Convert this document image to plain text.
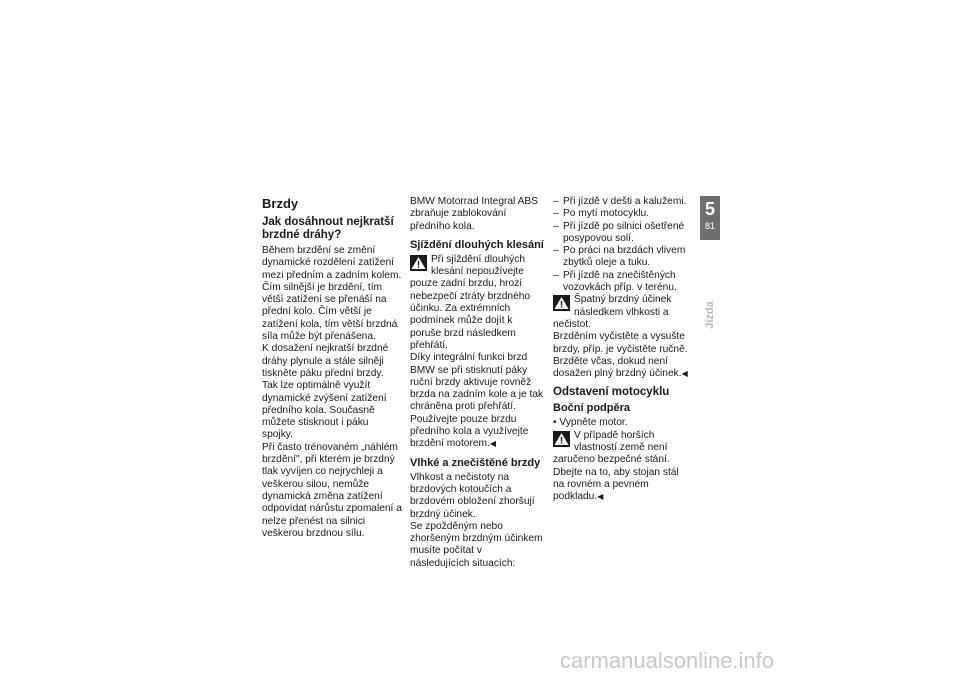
Brzdy
Jak dosáhnout nejkratší brzdné dráhy?

Během brzdění se změní dynamické rozdělení zatížení mezi předním a zadním kolem. Čím silnější je brzdění, tím větší zatížení se přenáší na přední kolo. Čím větší je zatížení kola, tím větší brzdná síla může být přenášena.

K dosažení nejkratší brzdné dráhy plynule a stále silněji tiskněte páku přední brzdy. Tak lze optimálně využít dynamické zvýšení zatížení předního kola. Současně můžete stisknout i páku spojky.

Při často trénovaném „náhlém brzdění", při kterém je brzdný tlak vyvíjen co nejrychleji a veškerou silou, nemůže dynamická změna zatížení odpovídat nárůstu zpomalení a nelze přenést na silnici veškerou brzdnou sílu.

BMW Motorrad Integral ABS zbraňuje zablokování předního kola.

Sjíždění dlouhých klesání
Při sjíždění dlouhých klesání nepoužívejte pouze zadní brzdu, hrozí nebezpečí ztráty brzdného účinku. Za extrémních podmínek může dojít k poruše brzd následkem přehřátí.

Díky integrální funkci brzd BMW se při stisknutí páky ruční brzdy aktivuje rovněž brzda na zadním kole a je tak chráněna proti přehřátí. Používejte pouze brzdu předního kola a využívejte brzdění motorem.◀

Vlhké a znečištěné brzdy

Vlhkost a nečistoty na brzdových kotoučích a brzdovém obložení zhoršují brzdný účinek.

Se zpožděným nebo zhoršeným brzdným účinkem musíte počítat v následujících situacích:

– Při jízdě v dešti a kalužemi.
– Po mytí motocyklu.
– Při jízdě po silnici ošetřené posypovou solí.
– Po práci na brzdách vlivem zbytků oleje a tuku.
– Při jízdě na znečištěných vozovkách příp. v terénu.
Špatný brzdný účinek následkem vlhkosti a nečistot.

Brzděním vyčistěte a vysušte brzdy, příp. je vyčistěte ručně. Brzděte včas, dokud není dosažen plný brzdný účinek.◀

Odstavení motocyklu
Boční podpěra
• Vypněte motor.
V případě horších vlastností země není zaručeno bezpečné stání.

Dbejte na to, aby stojan stál na rovném a pevném podkladu.◀

5
81
Jízda
carmanualsonline.info
